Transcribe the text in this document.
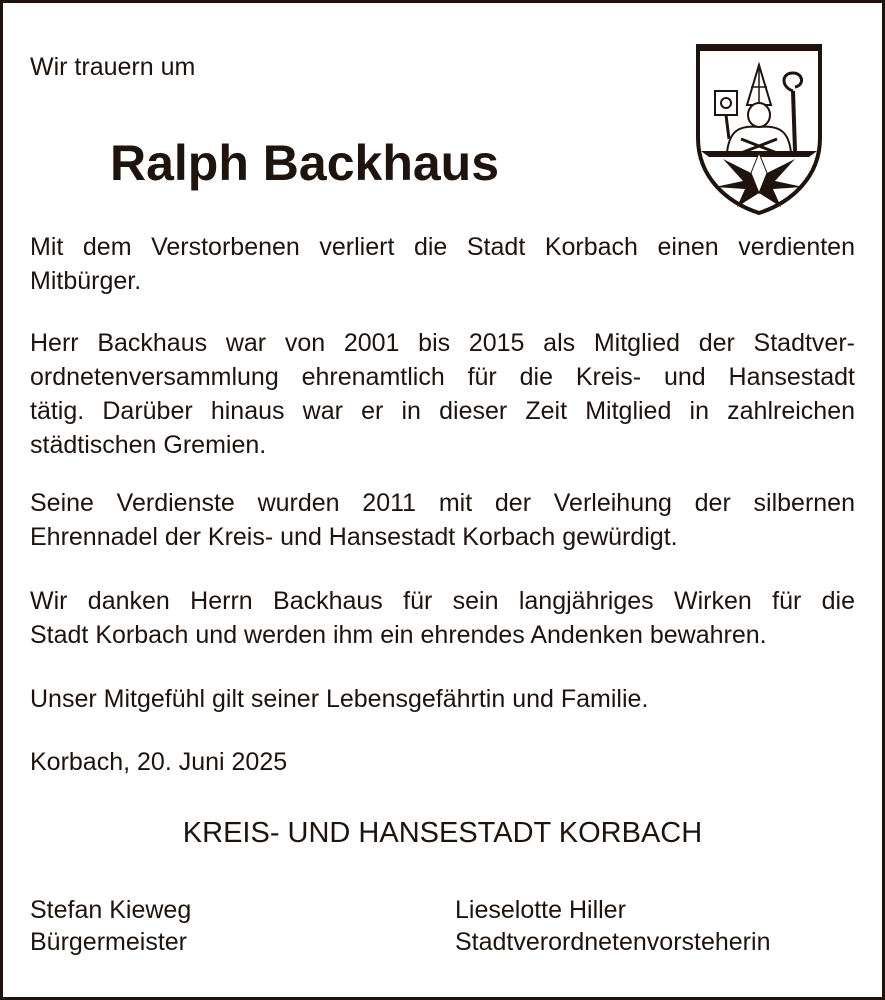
Wir trauern um
Ralph Backhaus
Mit dem Verstorbenen verliert die Stadt Korbach einen verdienten
Mitbürger.
Herr Backhaus war von 2001 bis 2015 als Mitglied der Stadtver-
ordnetenversammlung ehrenamtlich für die Kreis- und Hansestadt
tätig. Darüber hinaus war er in dieser Zeit Mitglied in zahlreichen
städtischen Gremien.
Seine Verdienste wurden 2011 mit der Verleihung der silbernen
Ehrennadel der Kreis- und Hansestadt Korbach gewürdigt.
Wir danken Herrn Backhaus für sein langjähriges Wirken für die
Stadt Korbach und werden ihm ein ehrendes Andenken bewahren.
Unser Mitgefühl gilt seiner Lebensgefährtin und Familie.
Korbach, 20. Juni 2025
KREIS- UND HANSESTADT KORBACH
Stefan Kieweg
Bürgermeister
Lieselotte Hiller
Stadtverordnetenvorsteherin
